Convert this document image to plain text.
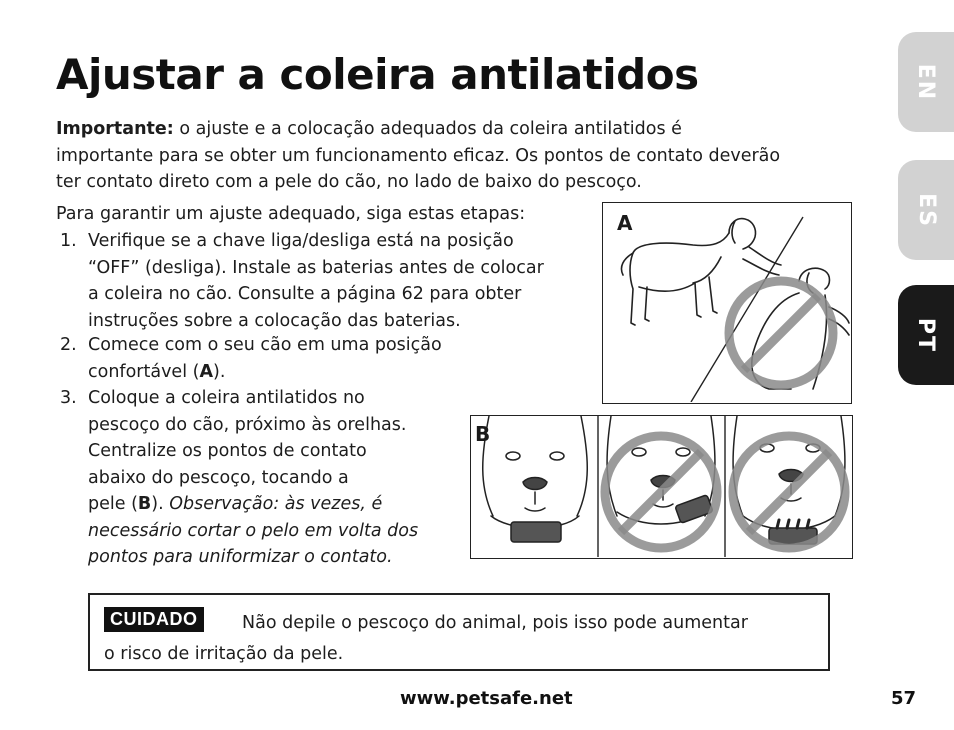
Ajustar a coleira antilatidos
Importante: o ajuste e a colocação adequados da coleira antilatidos é
importante para se obter um funcionamento eficaz. Os pontos de contato deverão
ter contato direto com a pele do cão, no lado de baixo do pescoço.
Para garantir um ajuste adequado, siga estas etapas:
1. Verifique se a chave liga/desliga está na posição
“OFF” (desliga). Instale as baterias antes de colocar
a coleira no cão. Consulte a página 62 para obter
instruções sobre a colocação das baterias.
2. Comece com o seu cão em uma posição
confortável (A).
3. Coloque a coleira antilatidos no
pescoço do cão, próximo às orelhas.
Centralize os pontos de contato
abaixo do pescoço, tocando a
pele (B). Observação: às vezes, é
necessário cortar o pelo em volta dos
pontos para uniformizar o contato.
EN
ES
PT
A
B
CUIDADO	Não depile o pescoço do animal, pois isso pode aumentar
o risco de irritação da pele.
www.petsafe.net	57
